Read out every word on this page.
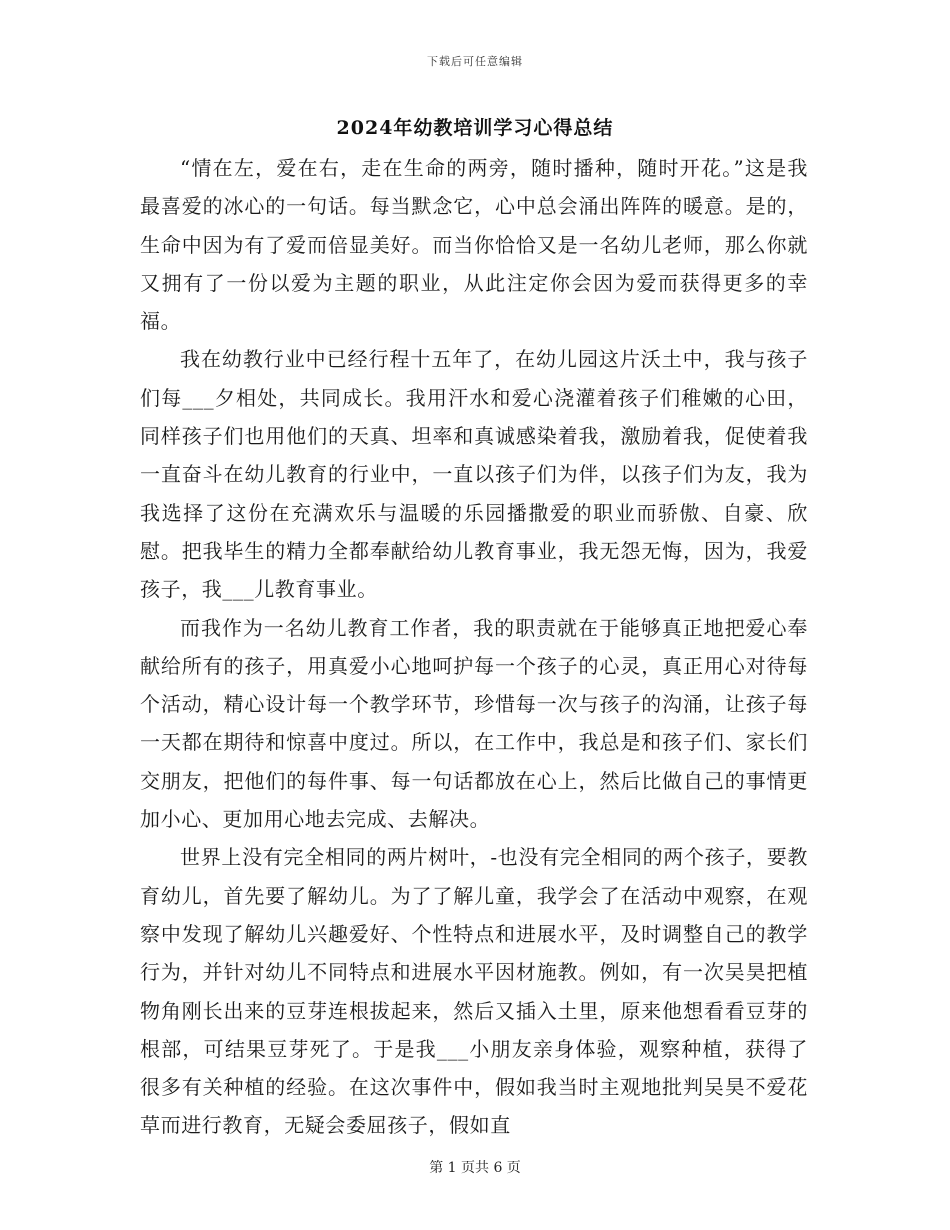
下载后可任意编辑
2024年幼教培训学习心得总结

“情在左，爱在右，走在生命的两旁，随时播种，随时开花。”这是我最喜爱的冰心的一句话。每当默念它，心中总会涌出阵阵的暖意。是的，生命中因为有了爱而倍显美好。而当你恰恰又是一名幼儿老师，那么你就又拥有了一份以爱为主题的职业，从此注定你会因为爱而获得更多的幸福。

我在幼教行业中已经行程十五年了，在幼儿园这片沃土中，我与孩子们每___夕相处，共同成长。我用汗水和爱心浇灌着孩子们稚嫩的心田，同样孩子们也用他们的天真、坦率和真诚感染着我，激励着我，促使着我一直奋斗在幼儿教育的行业中，一直以孩子们为伴，以孩子们为友，我为我选择了这份在充满欢乐与温暖的乐园播撒爱的职业而骄傲、自豪、欣慰。把我毕生的精力全都奉献给幼儿教育事业，我无怨无悔，因为，我爱孩子，我___儿教育事业。

而我作为一名幼儿教育工作者，我的职责就在于能够真正地把爱心奉献给所有的孩子，用真爱小心地呵护每一个孩子的心灵，真正用心对待每个活动，精心设计每一个教学环节，珍惜每一次与孩子的沟涌，让孩子每一天都在期待和惊喜中度过。所以，在工作中，我总是和孩子们、家长们交朋友，把他们的每件事、每一句话都放在心上，然后比做自己的事情更加小心、更加用心地去完成、去解决。

世界上没有完全相同的两片树叶，-也没有完全相同的两个孩子，要教育幼儿，首先要了解幼儿。为了了解儿童，我学会了在活动中观察，在观察中发现了解幼儿兴趣爱好、个性特点和进展水平，及时调整自己的教学行为，并针对幼儿不同特点和进展水平因材施教。例如，有一次吴昊把植物角刚长出来的豆芽连根拔起来，然后又插入土里，原来他想看看豆芽的根部，可结果豆芽死了。于是我___小朋友亲身体验，观察种植，获得了很多有关种植的经验。在这次事件中，假如我当时主观地批判吴昊不爱花草而进行教育，无疑会委屈孩子，假如直

第 1 页共 6 页
